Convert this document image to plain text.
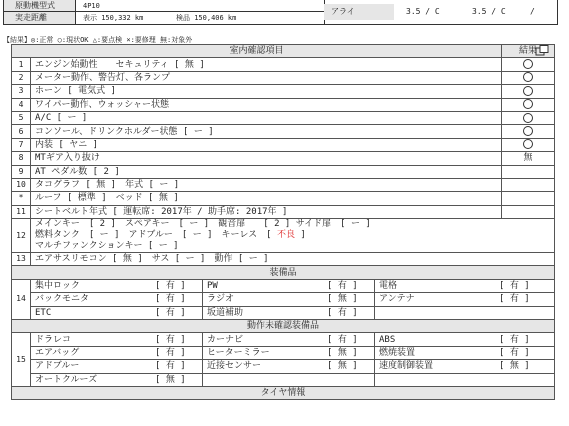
原動機型式	4P10
実走距離	表示 150,332 km	検品 150,406 km
アライ	3.5 / C	3.5 / C	/
【結果】◎:正常 ○:現状OK △:要点検 ×:要修理 無:対象外
室内確認項目				結果
1	エンジン始動性　　セキュリティ [ 無 ]			
2	メーター動作、警告灯、各ランプ			
3	ホーン [ 電気式 ]			
4	ワイパー動作、ウォッシャー状態			
5	A/C [ ー ]			
6	コンソール、ドリンクホルダー状態 [ ー ]			
7	内装 [ ヤニ ]			
8	MTギア入り抜け			無
9	AT ペダル数 [ 2 ]			
10	タコグラフ [ 無 ]　年式 [ ー ]			
*	ルーフ [ 標準 ]　ベッド [ 無 ]			
11	シートベルト年式 [ 運転席: 2017年 / 助手席: 2017年 ]			
12	メインキー　[ 2 ]　スペアキー　[ ー ]　観音扉　　[ 2 ] サイド扉　[ ー ]
燃料タンク　[ ー ]　アドブルー　[ ー ]　キーレス　[ 不良 ]
マルチファンクションキー [ ー ]			

13	エアサスリモコン [ 無 ]　サス [ ー ]　動作 [ ー ]			
装備品				
14	集中ロック [ 有 ]	PW [ 有 ]	電格 [ 有 ]	

	バックモニタ [ 有 ]	ラジオ [ 無 ]	アンテナ [ 有 ]	

	ETC [ 有 ]	坂道補助 [ 有 ]		

動作未確認装備品				
15	ドラレコ [ 有 ]	カーナビ [ 有 ]	ABS [ 有 ]	

	エアバッグ [ 有 ]	ヒーターミラー [ 無 ]	燃焼装置 [ 有 ]	

	アドブルー [ 有 ]	近接センサー [ 無 ]	速度制御装置 [ 無 ]	

	オートクルーズ [ 無 ]			

タイヤ情報				
